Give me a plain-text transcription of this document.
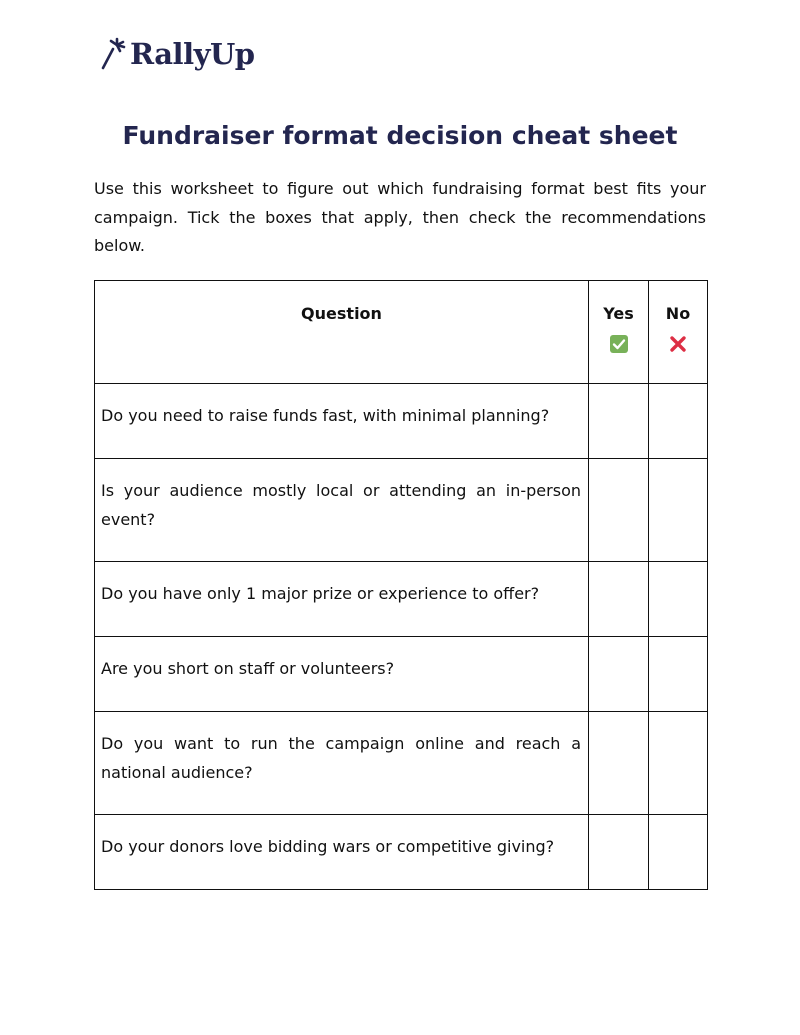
RallyUp
Fundraiser format decision cheat sheet

Use this worksheet to figure out which fundraising format best fits your campaign. Tick the boxes that apply, then check the recommendations below.

Question	Yes	No

Do you need to raise funds fast, with minimal planning?		

Is your audience mostly local or attending an in-person event?		

Do you have only 1 major prize or experience to offer?		

Are you short on staff or volunteers?		

Do you want to run the campaign online and reach a national audience?		

Do your donors love bidding wars or competitive giving?		
